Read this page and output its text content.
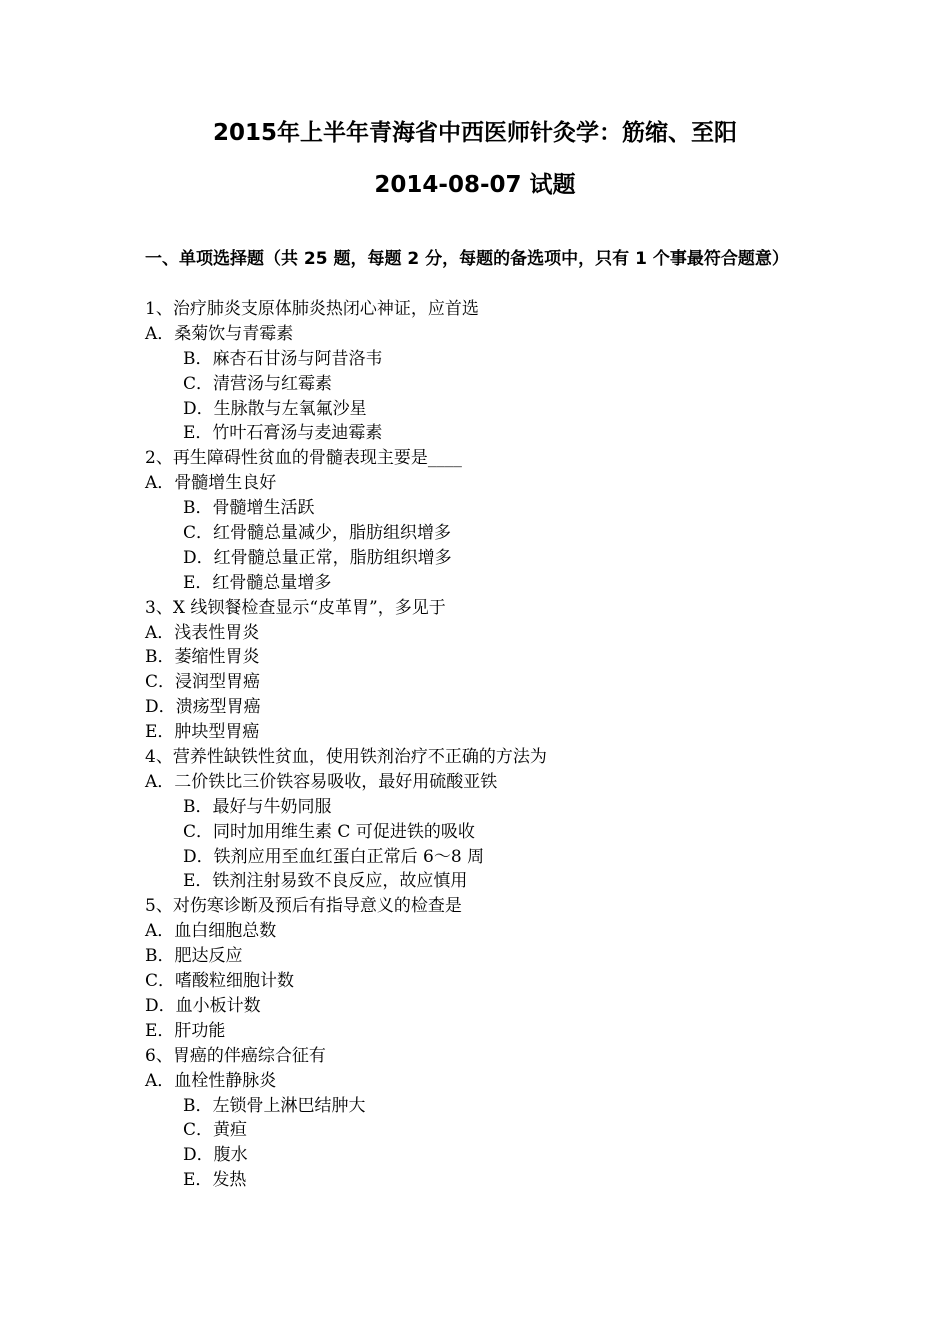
2015年上半年青海省中西医师针灸学：筋缩、至阳
2014-08-07 试题

一、单项选择题（共 25 题，每题 2 分，每题的备选项中，只有 1 个事最符合题意）

1、治疗肺炎支原体肺炎热闭心神证，应首选
A．桑菊饮与青霉素
B．麻杏石甘汤与阿昔洛韦
C．清营汤与红霉素
D．生脉散与左氧氟沙星
E．竹叶石膏汤与麦迪霉素
2、再生障碍性贫血的骨髓表现主要是____
A．骨髓增生良好
B．骨髓增生活跃
C．红骨髓总量减少，脂肪组织增多
D．红骨髓总量正常，脂肪组织增多
E．红骨髓总量增多
3、X 线钡餐检查显示“皮革胃”，多见于
A．浅表性胃炎
B．萎缩性胃炎
C．浸润型胃癌
D．溃疡型胃癌
E．肿块型胃癌
4、营养性缺铁性贫血，使用铁剂治疗不正确的方法为
A．二价铁比三价铁容易吸收，最好用硫酸亚铁
B．最好与牛奶同服
C．同时加用维生素 C 可促进铁的吸收
D．铁剂应用至血红蛋白正常后 6～8 周
E．铁剂注射易致不良反应，故应慎用
5、对伤寒诊断及预后有指导意义的检查是
A．血白细胞总数
B．肥达反应
C．嗜酸粒细胞计数
D．血小板计数
E．肝功能
6、胃癌的伴癌综合征有
A．血栓性静脉炎
B．左锁骨上淋巴结肿大
C．黄疸
D．腹水
E．发热
